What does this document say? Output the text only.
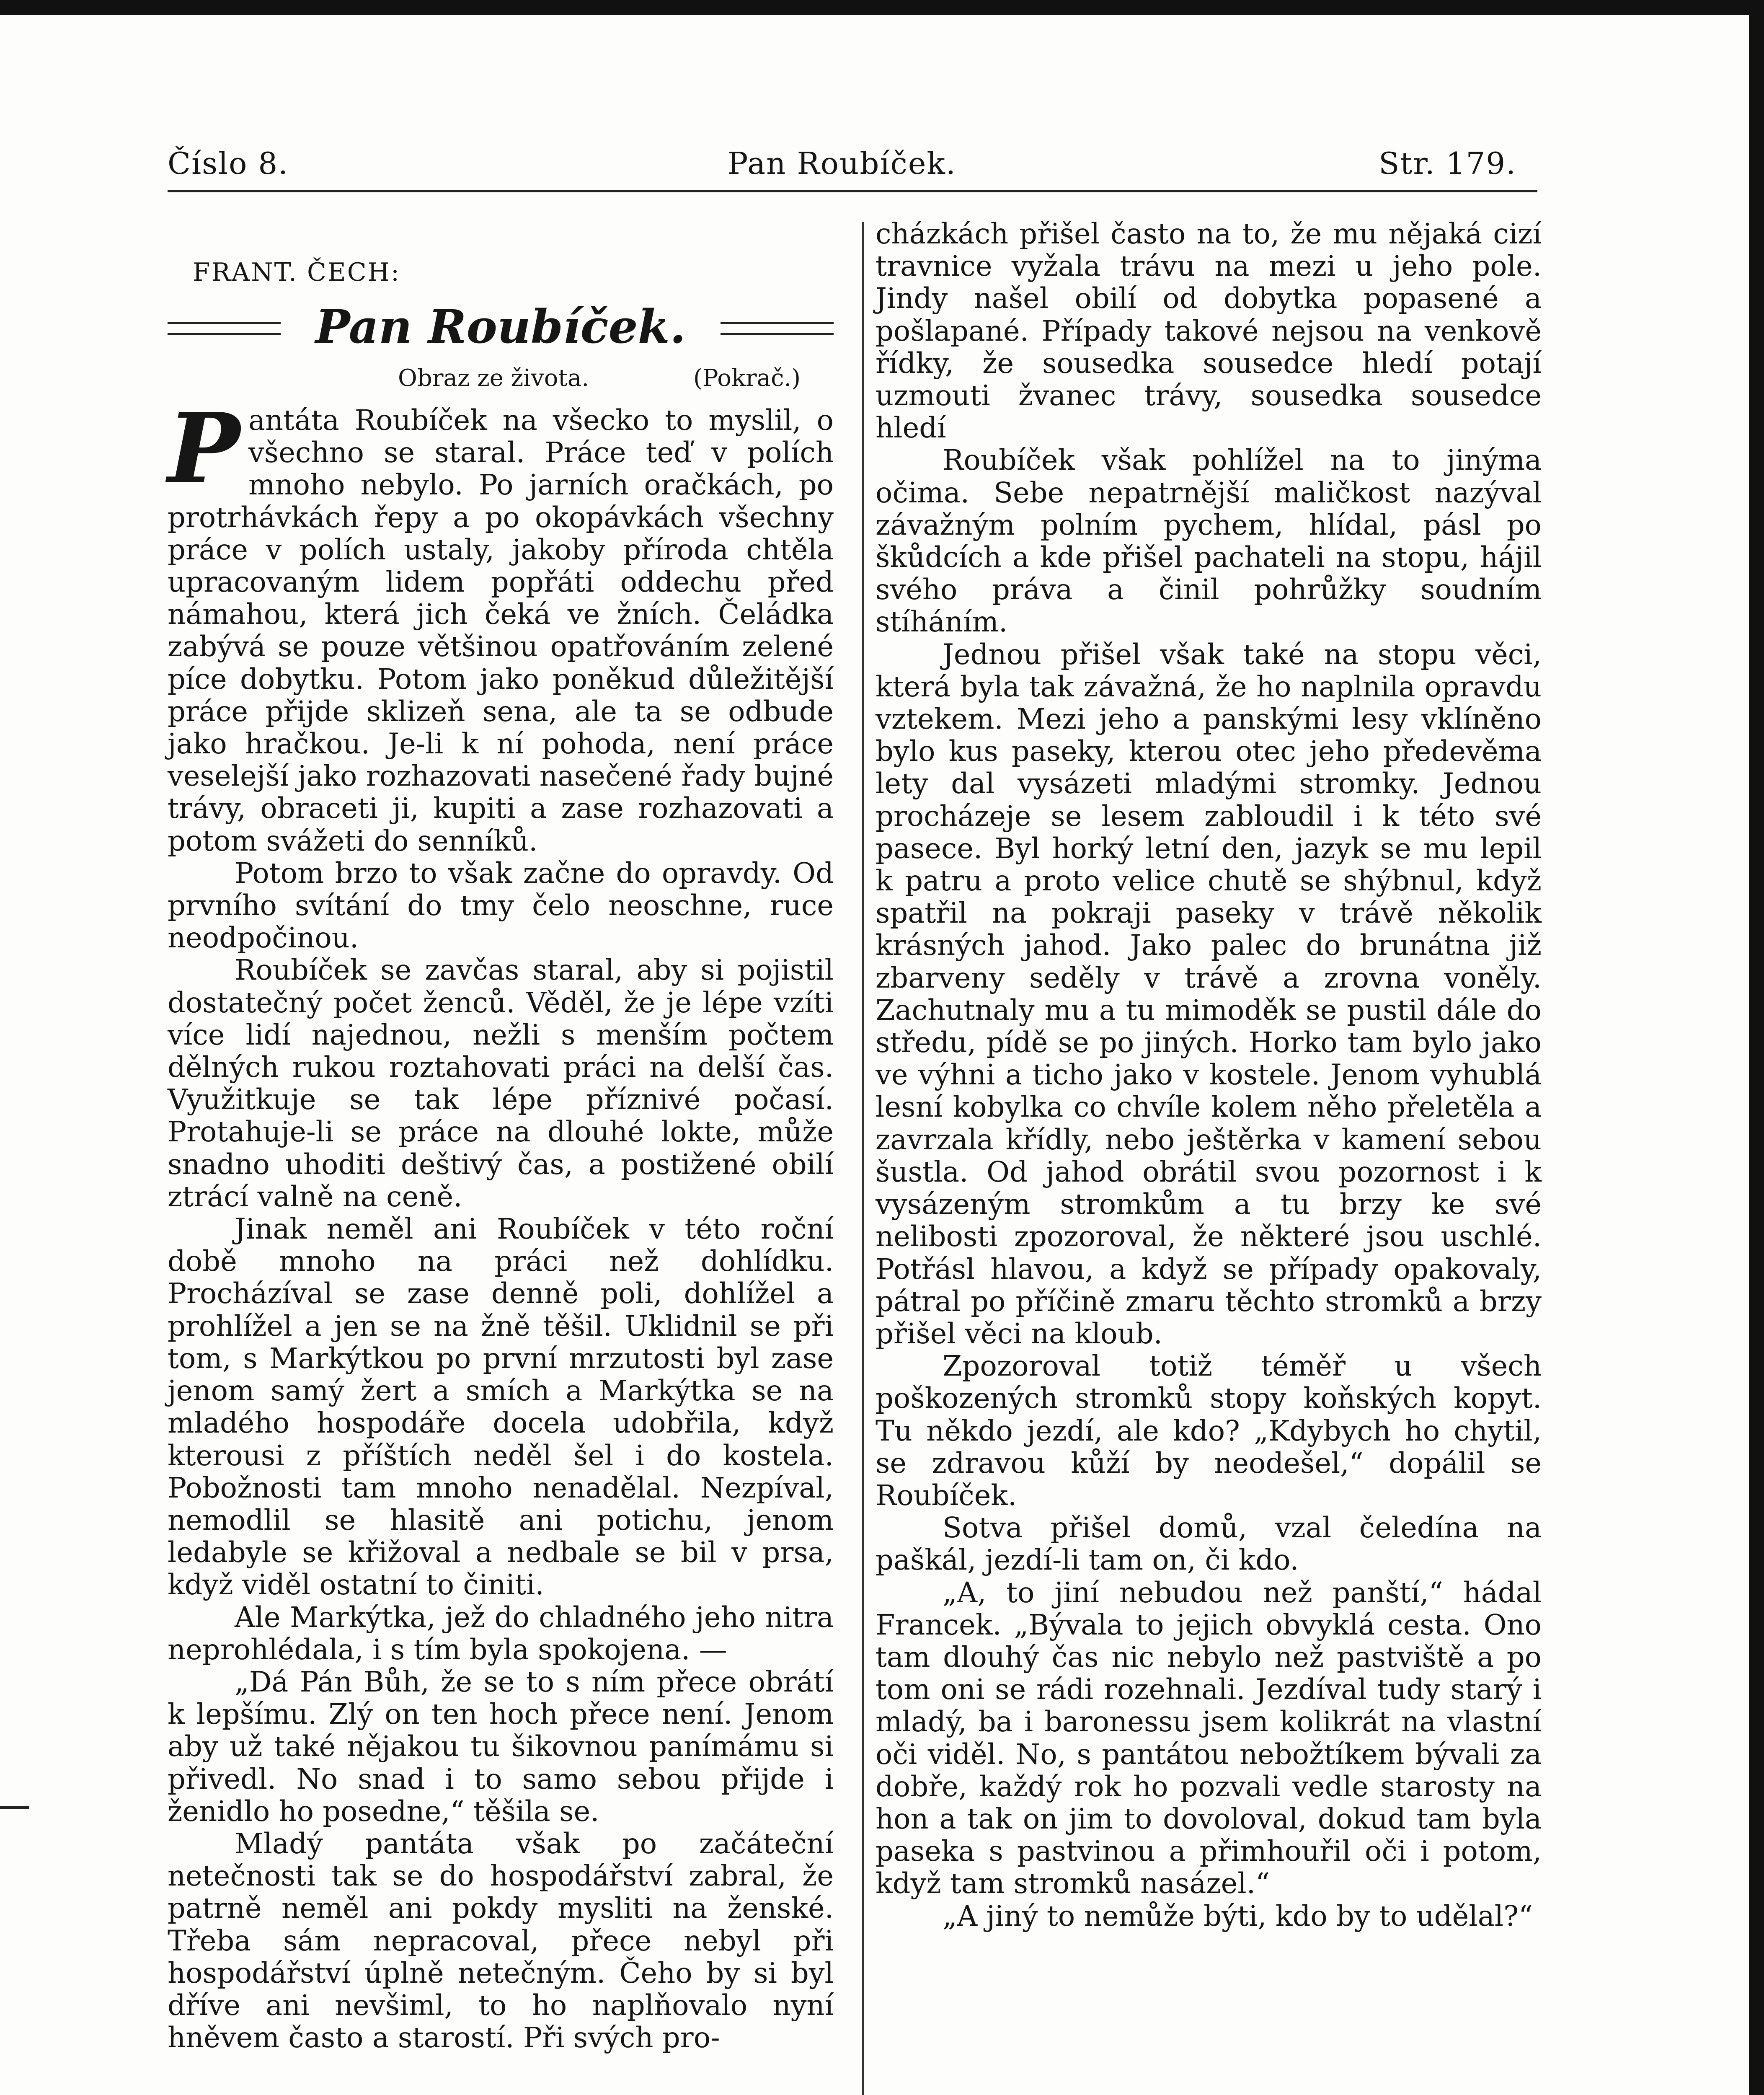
Číslo 8.	Pan Roubíček.	Str. 179.
FRANT. ČECH:
Pan Roubíček.
Obraz ze života.	(Pokrač.)

Pantáta Roubíček na všecko to myslil, o všechno se staral. Práce teď v polích mnoho nebylo. Po jarních oračkách, po protrhávkách řepy a po okopávkách všechny práce v polích ustaly, jakoby příroda chtěla upracovaným lidem popřáti oddechu před námahou, která jich čeká ve žních. Čeládka zabývá se pouze většinou opatřováním zelené píce dobytku. Potom jako poněkud důležitější práce přijde sklizeň sena, ale ta se odbude jako hračkou. Je-li k ní pohoda, není práce veselejší jako rozhazovati nasečené řady bujné trávy, obraceti ji, kupiti a zase rozhazovati a potom svážeti do senníků.

Potom brzo to však začne do opravdy. Od prvního svítání do tmy čelo neoschne, ruce neodpočinou.

Roubíček se zavčas staral, aby si pojistil dostatečný počet ženců. Věděl, že je lépe vzíti více lidí najednou, nežli s menším počtem dělných rukou roztahovati práci na delší čas. Využitkuje se tak lépe příznivé počasí. Protahuje-li se práce na dlouhé lokte, může snadno uhoditi deštivý čas, a postižené obilí ztrácí valně na ceně.

Jinak neměl ani Roubíček v této roční době mnoho na práci než dohlídku. Procházíval se zase denně poli, dohlížel a prohlížel a jen se na žně těšil. Uklidnil se při tom, s Markýtkou po první mrzutosti byl zase jenom samý žert a smích a Markýtka se na mladého hospodáře docela udobřila, když kterousi z příštích neděl šel i do kostela. Pobožnosti tam mnoho nenadělal. Nezpíval, nemodlil se hlasitě ani potichu, jenom ledabyle se křižoval a nedbale se bil v prsa, když viděl ostatní to činiti.

Ale Markýtka, jež do chladného jeho nitra neprohlédala, i s tím byla spokojena. —

„Dá Pán Bůh, že se to s ním přece obrátí k lepšímu. Zlý on ten hoch přece není. Jenom aby už také nějakou tu šikovnou panímámu si přivedl. No snad i to samo sebou přijde i ženidlo ho posedne,“ těšila se.

Mladý pantáta však po začáteční netečnosti tak se do hospodářství zabral, že patrně neměl ani pokdy mysliti na ženské. Třeba sám nepracoval, přece nebyl při hospodářství úplně netečným. Čeho by si byl dříve ani nevšiml, to ho naplňovalo nyní hněvem často a starostí. Při svých pro-

cházkách přišel často na to, že mu nějaká cizí travnice vyžala trávu na mezi u jeho pole. Jindy našel obilí od dobytka popasené a pošlapané. Případy takové nejsou na venkově řídky, že sousedka sousedce hledí potají uzmouti žvanec trávy, sousedka sousedce hledí

Roubíček však pohlížel na to jinýma očima. Sebe nepatrnější maličkost nazýval závažným polním pychem, hlídal, pásl po škůdcích a kde přišel pachateli na stopu, hájil svého práva a činil pohrůžky soudním stíháním.

Jednou přišel však také na stopu věci, která byla tak závažná, že ho naplnila opravdu vztekem. Mezi jeho a panskými lesy vklíněno bylo kus paseky, kterou otec jeho předevěma lety dal vysázeti mladými stromky. Jednou procházeje se lesem zabloudil i k této své pasece. Byl horký letní den, jazyk se mu lepil k patru a proto velice chutě se shýbnul, když spatřil na pokraji paseky v trávě několik krásných jahod. Jako palec do brunátna již zbarveny seděly v trávě a zrovna voněly. Zachutnaly mu a tu mimoděk se pustil dále do středu, pídě se po jiných. Horko tam bylo jako ve výhni a ticho jako v kostele. Jenom vyhublá lesní kobylka co chvíle kolem něho přeletěla a zavrzala křídly, nebo ještěrka v kamení sebou šustla. Od jahod obrátil svou pozornost i k vysázeným stromkům a tu brzy ke své nelibosti zpozoroval, že některé jsou uschlé. Potřásl hlavou, a když se případy opakovaly, pátral po příčině zmaru těchto stromků a brzy přišel věci na kloub.

Zpozoroval totiž téměř u všech poškozených stromků stopy koňských kopyt. Tu někdo jezdí, ale kdo? „Kdybych ho chytil, se zdravou kůží by neodešel,“ dopálil se Roubíček.

Sotva přišel domů, vzal čeledína na paškál, jezdí-li tam on, či kdo.

„A, to jiní nebudou než panští,“ hádal Francek. „Bývala to jejich obvyklá cesta. Ono tam dlouhý čas nic nebylo než pastviště a po tom oni se rádi rozehnali. Jezdíval tudy starý i mladý, ba i baronessu jsem kolikrát na vlastní oči viděl. No, s pantátou nebožtíkem bývali za dobře, každý rok ho pozvali vedle starosty na hon a tak on jim to dovoloval, dokud tam byla paseka s pastvinou a přimhouřil oči i potom, když tam stromků nasázel.“

„A jiný to nemůže býti, kdo by to udělal?“
